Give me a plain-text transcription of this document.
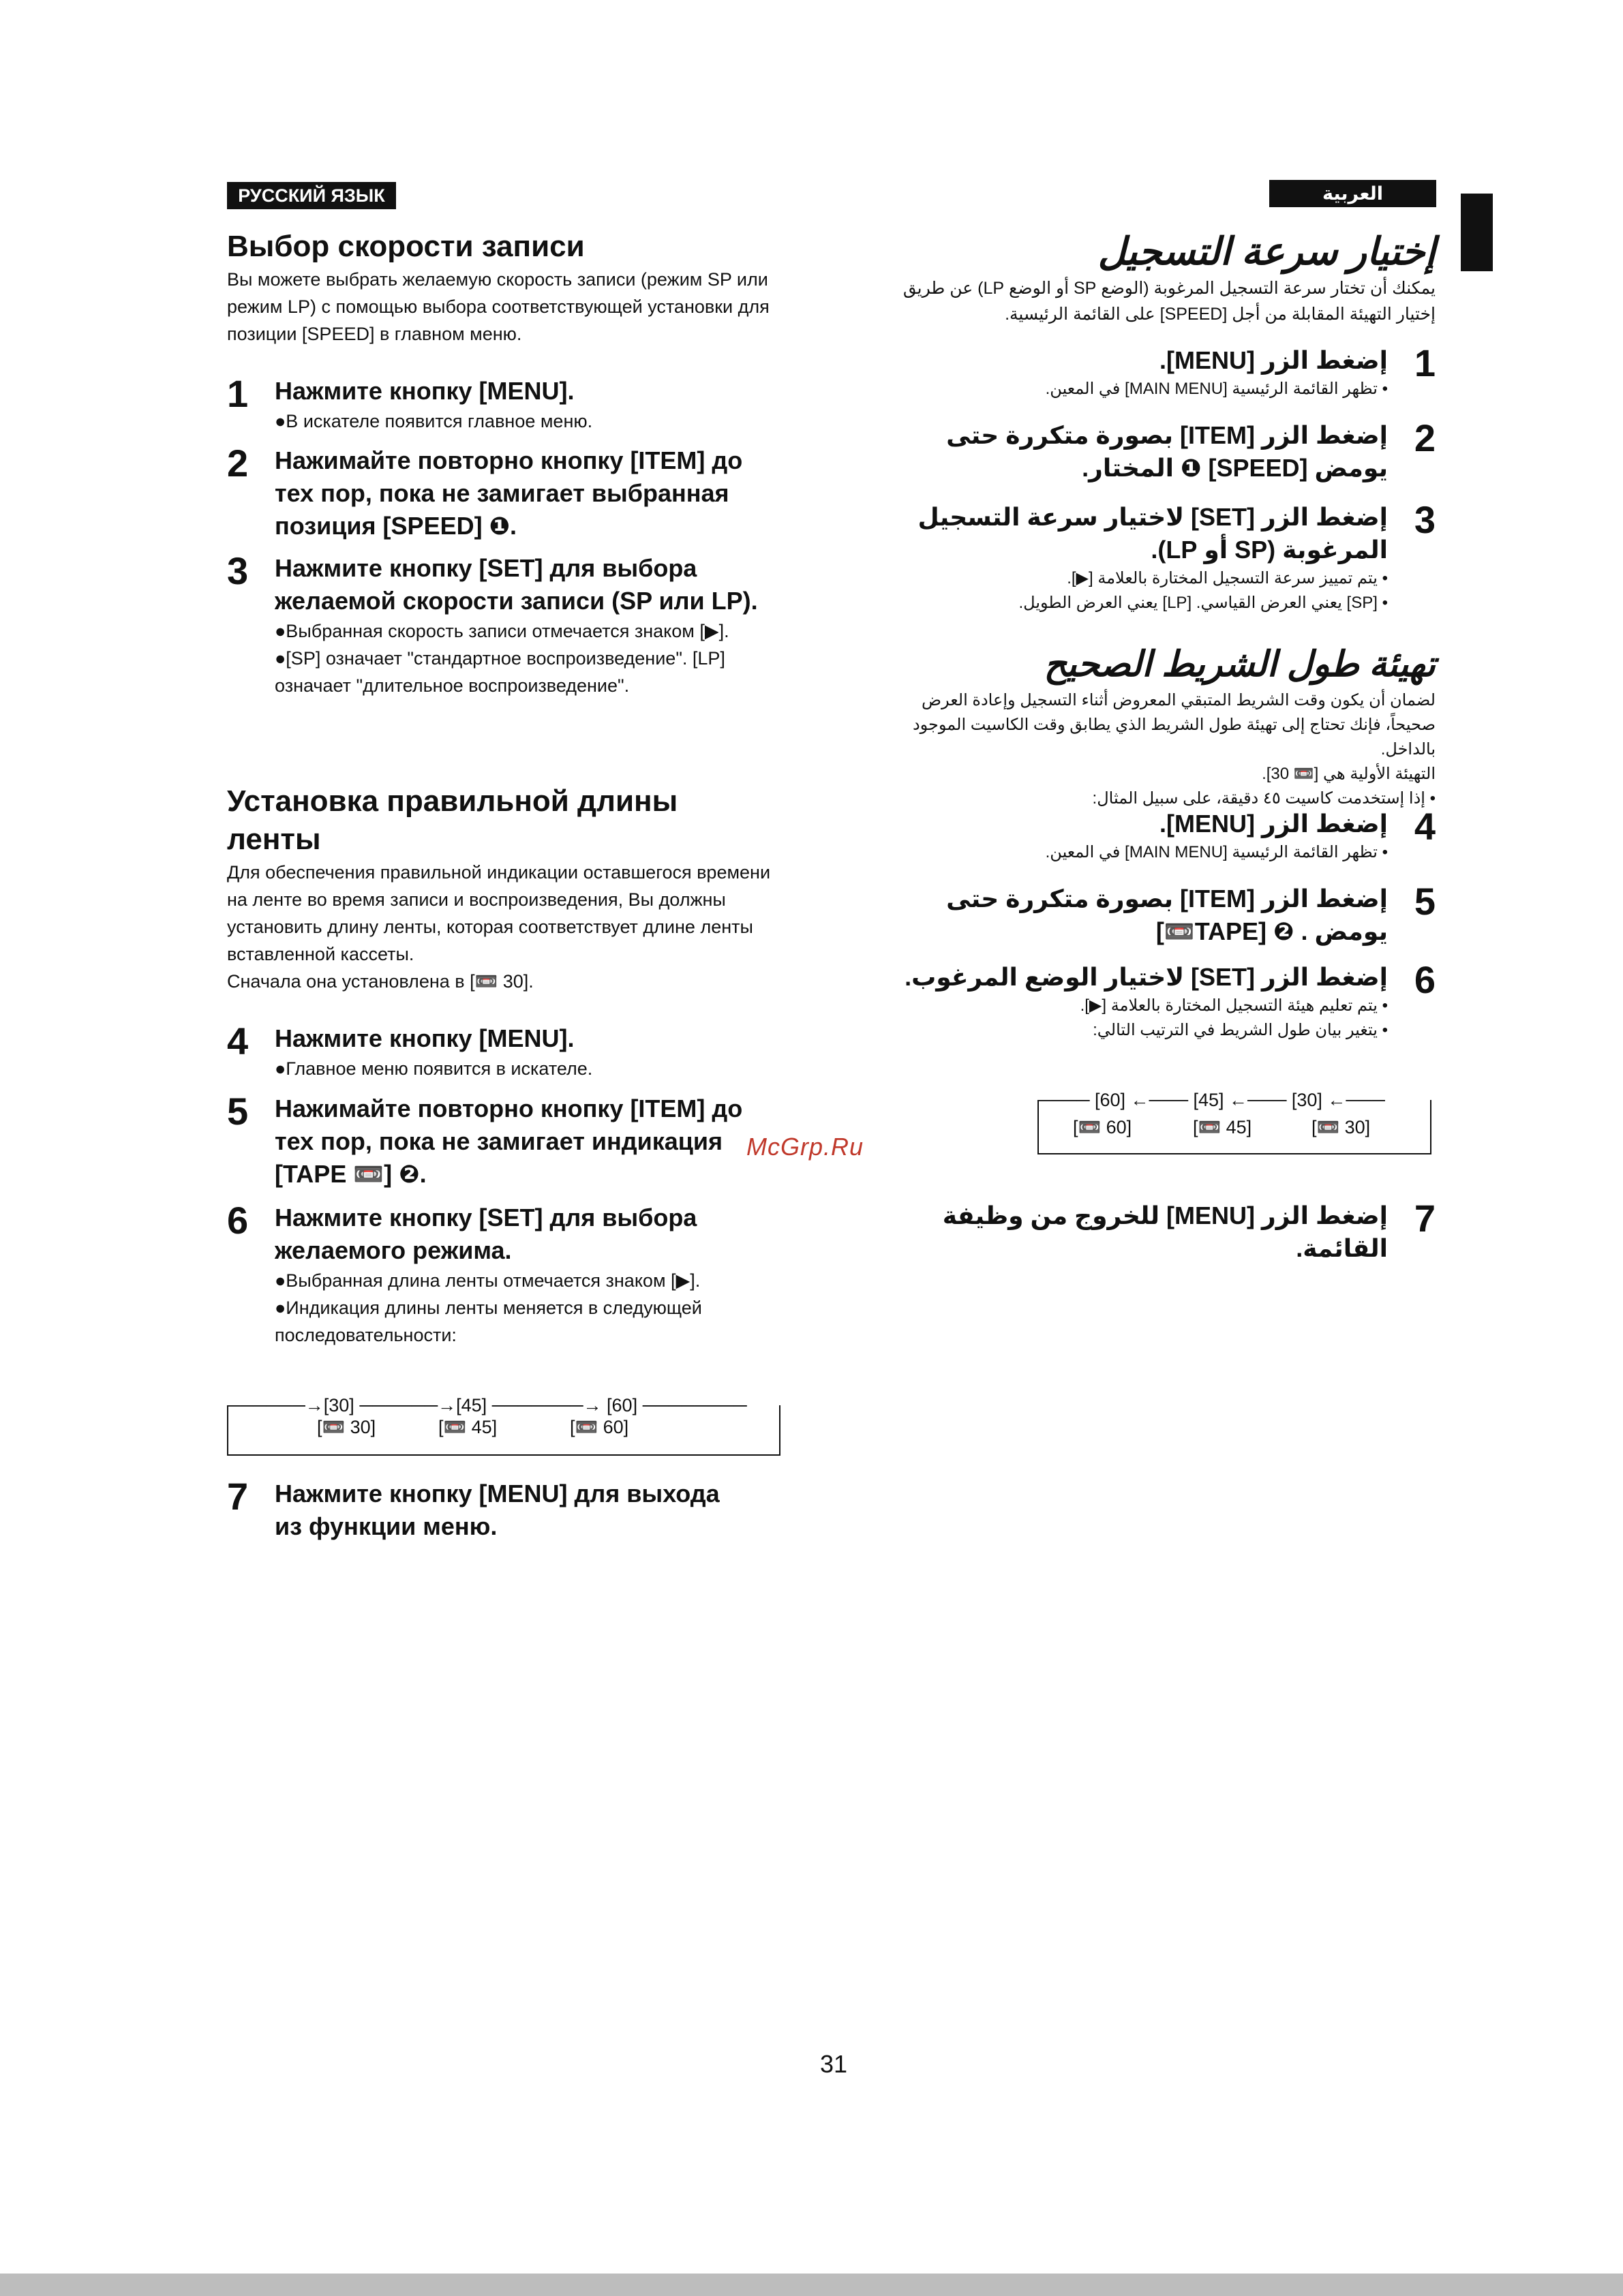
РУССКИЙ ЯЗЫК	العربية
Выбор скорости записи
Вы можете выбрать желаемую скорость записи (режим SP или режим LP) с помощью выбора соответствующей установки для позиции [SPEED] в главном меню.
1 Нажмите кнопку [MENU].
●В искателе появится главное меню.
2 Нажимайте повторно кнопку [ITEM] до тех пор, пока не замигает выбранная позиция [SPEED] ❶.
3 Нажмите кнопку [SET] для выбора желаемой скорости записи (SP или LP).
●Выбранная скорость записи отмечается знаком [▶].
●[SP] означает "стандартное воспроизведение". [LP] означает "длительное воспроизведение".
Установка правильной длины ленты
Для обеспечения правильной индикации оставшегося времени на ленте во время записи и воспроизведения, Вы должны установить длину ленты, которая соответствует длине ленты вставленной кассеты.
Сначала она установлена в [📼 30].
4 Нажмите кнопку [MENU].
●Главное меню появится в искателе.
5 Нажимайте повторно кнопку [ITEM] до тех пор, пока не замигает индикация [TAPE 📼] ❷.
6 Нажмите кнопку [SET] для выбора желаемого режима.
●Выбранная длина ленты отмечается знаком [▶].
●Индикация длины ленты меняется в следующей последовательности:
──────→[30] ──────→[45] ───────→ [60] ────────
[📼 30]	[📼 45]	[📼 60]
7 Нажмите кнопку [MENU] для выхода из функции меню.
إختيار سرعة التسجيل
يمكنك أن تختار سرعة التسجيل المرغوبة (الوضع SP أو الوضع LP) عن طريق إختيار التهيئة المقابلة من أجل [SPEED] على القائمة الرئيسية.
1
إضغط الزر [MENU].
• تظهر القائمة الرئيسية [MAIN MENU] في المعين.
2
إضغط الزر [ITEM] بصورة متكررة حتى يومض [SPEED] ❶ المختار.
3
إضغط الزر [SET] لاختيار سرعة التسجيل المرغوبة (SP أو LP).
• يتم تمييز سرعة التسجيل المختارة بالعلامة [▶].
• [SP] يعني العرض القياسي. [LP] يعني العرض الطويل.
تهيئة طول الشريط الصحيح
لضمان أن يكون وقت الشريط المتبقي المعروض أثناء التسجيل وإعادة العرض صحيحاً، فإنك تحتاج إلى تهيئة طول الشريط الذي يطابق وقت الكاسيت الموجود بالداخل.
التهيئة الأولية هي [📼 30].
• إذا إستخدمت كاسيت ٤٥ دقيقة، على سبيل المثال:
4
إضغط الزر [MENU].
• تظهر القائمة الرئيسية [MAIN MENU] في المعين.
5
إضغط الزر [ITEM] بصورة متكررة حتى يومض . ❷ [TAPE📼]
6
إضغط الزر [SET] لاختيار الوضع المرغوب.
• يتم تعليم هيئة التسجيل المختارة بالعلامة [▶].
• يتغير بيان طول الشريط في الترتيب التالي:
──── [60] ←─── [45] ←─── [30] ←───
[📼 60]	[📼 45]	[📼 30]
7
إضغط الزر [MENU] للخروج من وظيفة القائمة.
McGrp.Ru
31
